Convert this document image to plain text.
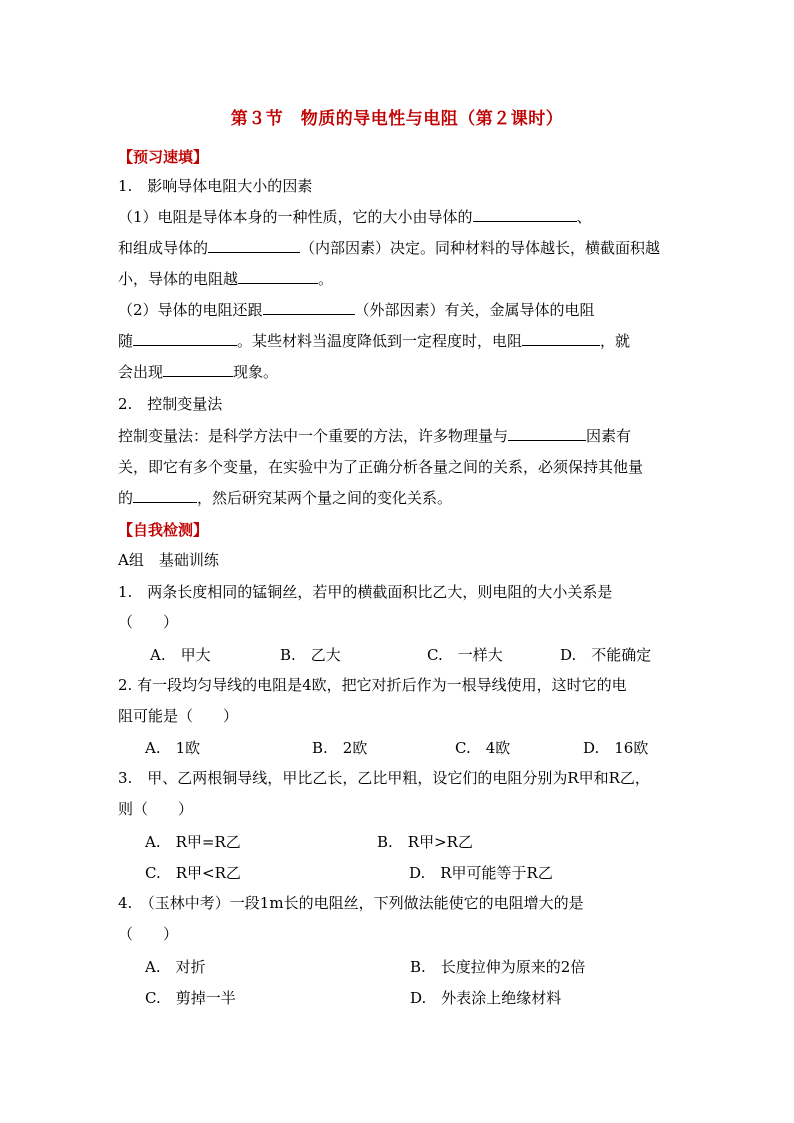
第３节　物质的导电性与电阻（第２课时）
【预习速填】
1.　影响导体电阻大小的因素
（1）电阻是导体本身的一种性质，它的大小由导体的	、
和组成导体的	（内部因素）决定。同种材料的导体越长，横截面积越
小，导体的电阻越	。
（2）导体的电阻还跟	（外部因素）有关，金属导体的电阻
随	。某些材料当温度降低到一定程度时，电阻	，就
会出现	现象。
2.　控制变量法
控制变量法：是科学方法中一个重要的方法，许多物理量与	因素有
关，即它有多个变量，在实验中为了正确分析各量之间的关系，必须保持其他量
的	，然后研究某两个量之间的变化关系。
【自我检测】
A组　基础训练
1.　两条长度相同的锰铜丝，若甲的横截面积比乙大，则电阻的大小关系是
（　　）
A.　甲大	B.　乙大	C.　一样大	D.　不能确定
2. 有一段均匀导线的电阻是4欧，把它对折后作为一根导线使用，这时它的电
阻可能是（　　）
A.　1欧	B.　2欧	C.　4欧	D.　16欧
3.　甲、乙两根铜导线，甲比乙长，乙比甲粗，设它们的电阻分别为R甲和R乙，
则（　　）
A.　R甲=R乙	B.　R甲>R乙
C.　R甲<R乙	D.　R甲可能等于R乙
4.　（玉林中考）一段1m长的电阻丝，下列做法能使它的电阻增大的是
（　　）
A.　对折	B.　长度拉伸为原来的2倍
C.　剪掉一半	D.　外表涂上绝缘材料
